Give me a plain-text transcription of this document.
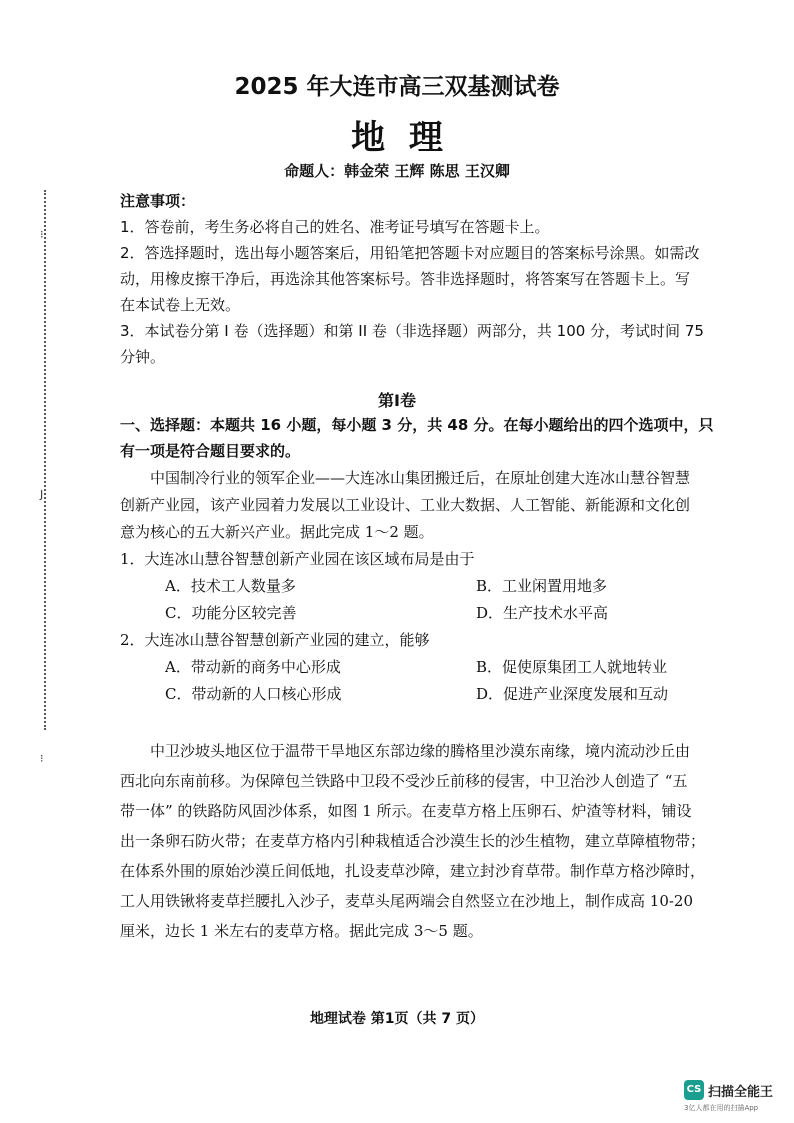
⁝
J
⁝
2025 年大连市高三双基测试卷
地  理
命题人：韩金荣 王辉 陈思 王汉卿
注意事项：
1．答卷前，考生务必将自己的姓名、准考证号填写在答题卡上。
2．答选择题时，选出每小题答案后，用铅笔把答题卡对应题目的答案标号涂黑。如需改
动，用橡皮擦干净后，再选涂其他答案标号。答非选择题时，将答案写在答题卡上。写
在本试卷上无效。
3．本试卷分第 I 卷（选择题）和第 II 卷（非选择题）两部分，共 100 分，考试时间 75
分钟。
第I卷
一、选择题：本题共 16 小题，每小题 3 分，共 48 分。在每小题给出的四个选项中，只
有一项是符合题目要求的。
中国制冷行业的领军企业——大连冰山集团搬迁后，在原址创建大连冰山慧谷智慧
创新产业园，该产业园着力发展以工业设计、工业大数据、人工智能、新能源和文化创
意为核心的五大新兴产业。据此完成 1～2 题。
1．大连冰山慧谷智慧创新产业园在该区域布局是由于
A．技术工人数量多	B．工业闲置用地多
C．功能分区较完善	D．生产技术水平高
2．大连冰山慧谷智慧创新产业园的建立，能够
A．带动新的商务中心形成	B．促使原集团工人就地转业
C．带动新的人口核心形成	D．促进产业深度发展和互动
中卫沙坡头地区位于温带干旱地区东部边缘的腾格里沙漠东南缘，境内流动沙丘由
西北向东南前移。为保障包兰铁路中卫段不受沙丘前移的侵害，中卫治沙人创造了 “五
带一体” 的铁路防风固沙体系，如图 1 所示。在麦草方格上压卵石、炉渣等材料，铺设
出一条卵石防火带；在麦草方格内引种栽植适合沙漠生长的沙生植物，建立草障植物带；
在体系外围的原始沙漠丘间低地，扎设麦草沙障，建立封沙育草带。制作草方格沙障时，
工人用铁锹将麦草拦腰扎入沙子，麦草头尾两端会自然竖立在沙地上，制作成高 10-20
厘米，边长 1 米左右的麦草方格。据此完成 3～5 题。
地理试卷 第1页（共 7 页）
CS 扫描全能王
3亿人都在用的扫描App
